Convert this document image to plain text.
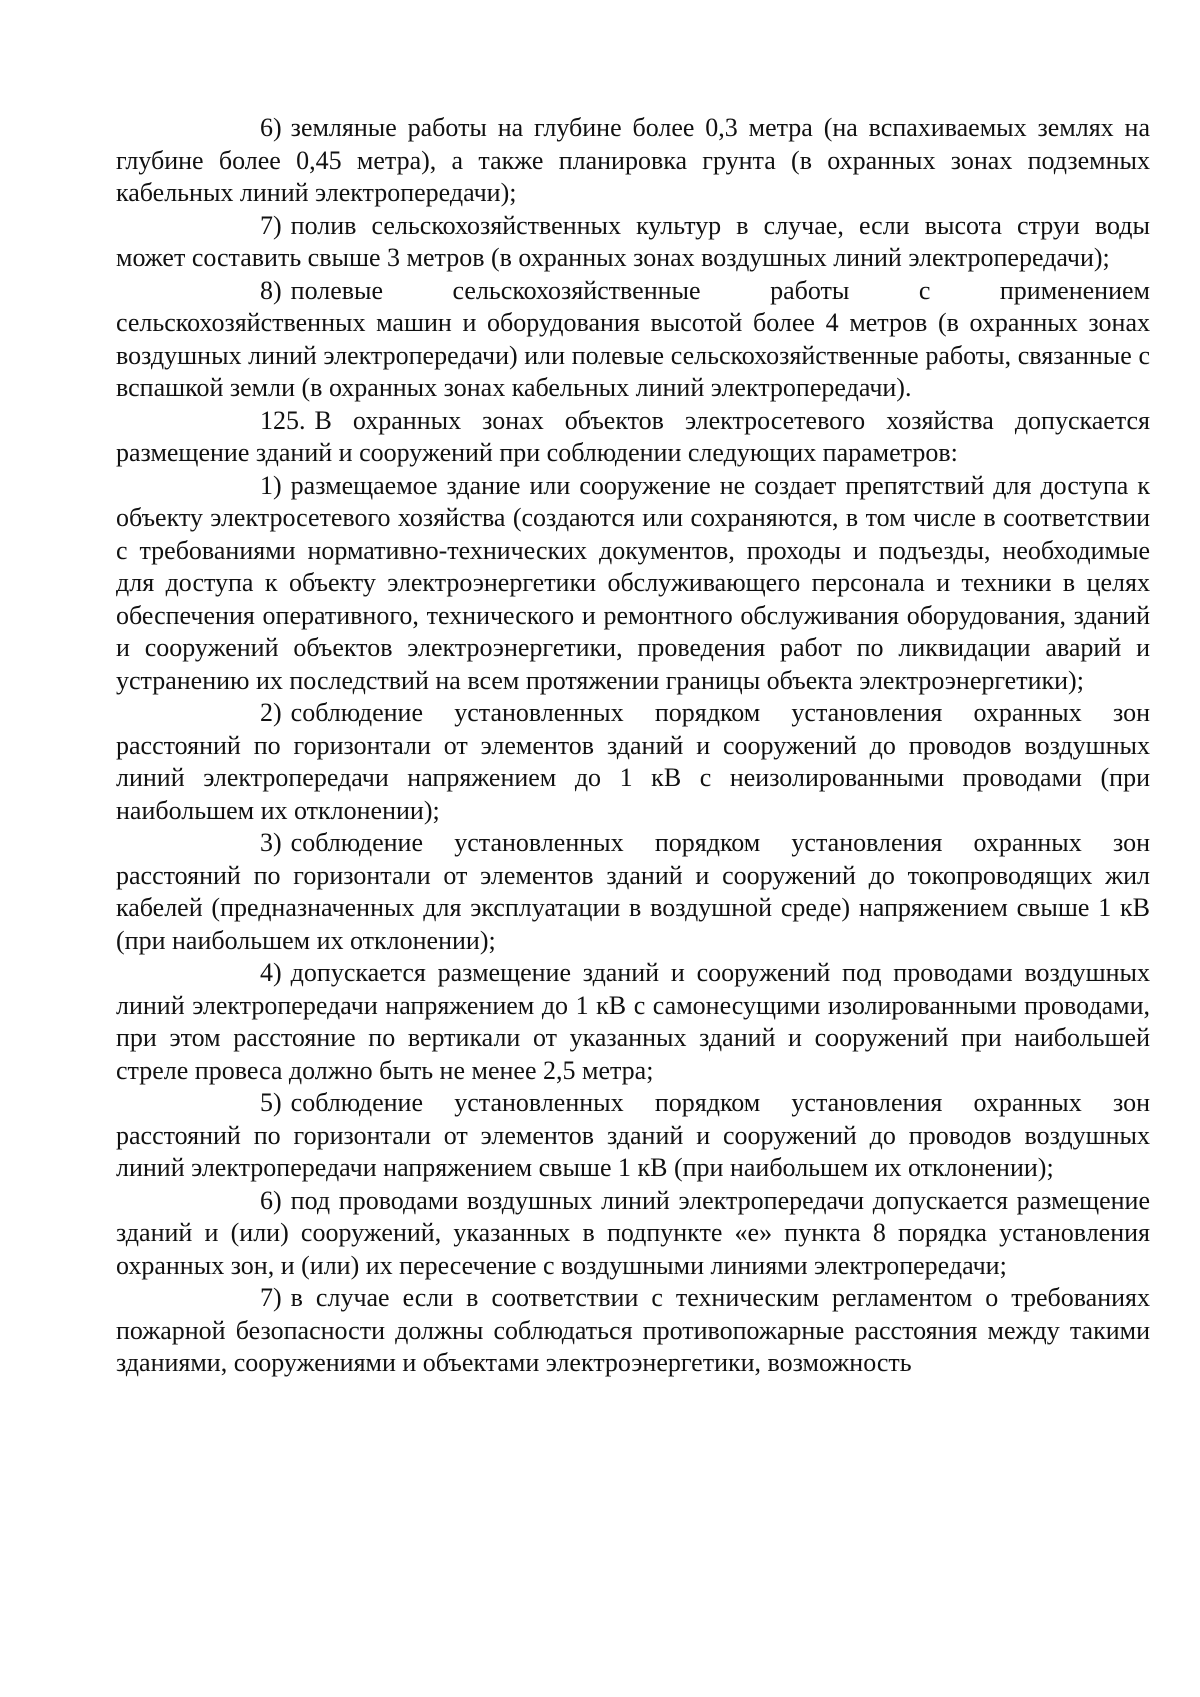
6) земляные работы на глубине более 0,3 метра (на вспахиваемых землях на глубине более 0,45 метра), а также планировка грунта (в охранных зонах подземных кабельных линий электропередачи);

7) полив сельскохозяйственных культур в случае, если высота струи воды может составить свыше 3 метров (в охранных зонах воздушных линий электропередачи);

8) полевые сельскохозяйственные работы с применением сельскохозяйственных машин и оборудования высотой более 4 метров (в охранных зонах воздушных линий электропередачи) или полевые сельскохозяйственные работы, связанные с вспашкой земли (в охранных зонах кабельных линий электропередачи).

125. В охранных зонах объектов электросетевого хозяйства допускается размещение зданий и сооружений при соблюдении следующих параметров:

1) размещаемое здание или сооружение не создает препятствий для доступа к объекту электросетевого хозяйства (создаются или сохраняются, в том числе в соответствии с требованиями нормативно-технических документов, проходы и подъезды, необходимые для доступа к объекту электроэнергетики обслуживающего персонала и техники в целях обеспечения оперативного, технического и ремонтного обслуживания оборудования, зданий и сооружений объектов электроэнергетики, проведения работ по ликвидации аварий и устранению их последствий на всем протяжении границы объекта электроэнергетики);

2) соблюдение установленных порядком установления охранных зон расстояний по горизонтали от элементов зданий и сооружений до проводов воздушных линий электропередачи напряжением до 1 кВ с неизолированными проводами (при наибольшем их отклонении);

3) соблюдение установленных порядком установления охранных зон расстояний по горизонтали от элементов зданий и сооружений до токопроводящих жил кабелей (предназначенных для эксплуатации в воздушной среде) напряжением свыше 1 кВ (при наибольшем их отклонении);

4) допускается размещение зданий и сооружений под проводами воздушных линий электропередачи напряжением до 1 кВ с самонесущими изолированными проводами, при этом расстояние по вертикали от указанных зданий и сооружений при наибольшей стреле провеса должно быть не менее 2,5 метра;

5) соблюдение установленных порядком установления охранных зон расстояний по горизонтали от элементов зданий и сооружений до проводов воздушных линий электропередачи напряжением свыше 1 кВ (при наибольшем их отклонении);

6) под проводами воздушных линий электропередачи допускается размещение зданий и (или) сооружений, указанных в подпункте «е» пункта 8 порядка установления охранных зон, и (или) их пересечение с воздушными линиями электропередачи;

7) в случае если в соответствии с техническим регламентом о требованиях пожарной безопасности должны соблюдаться противопожарные расстояния между такими зданиями, сооружениями и объектами электроэнергетики, возможность
